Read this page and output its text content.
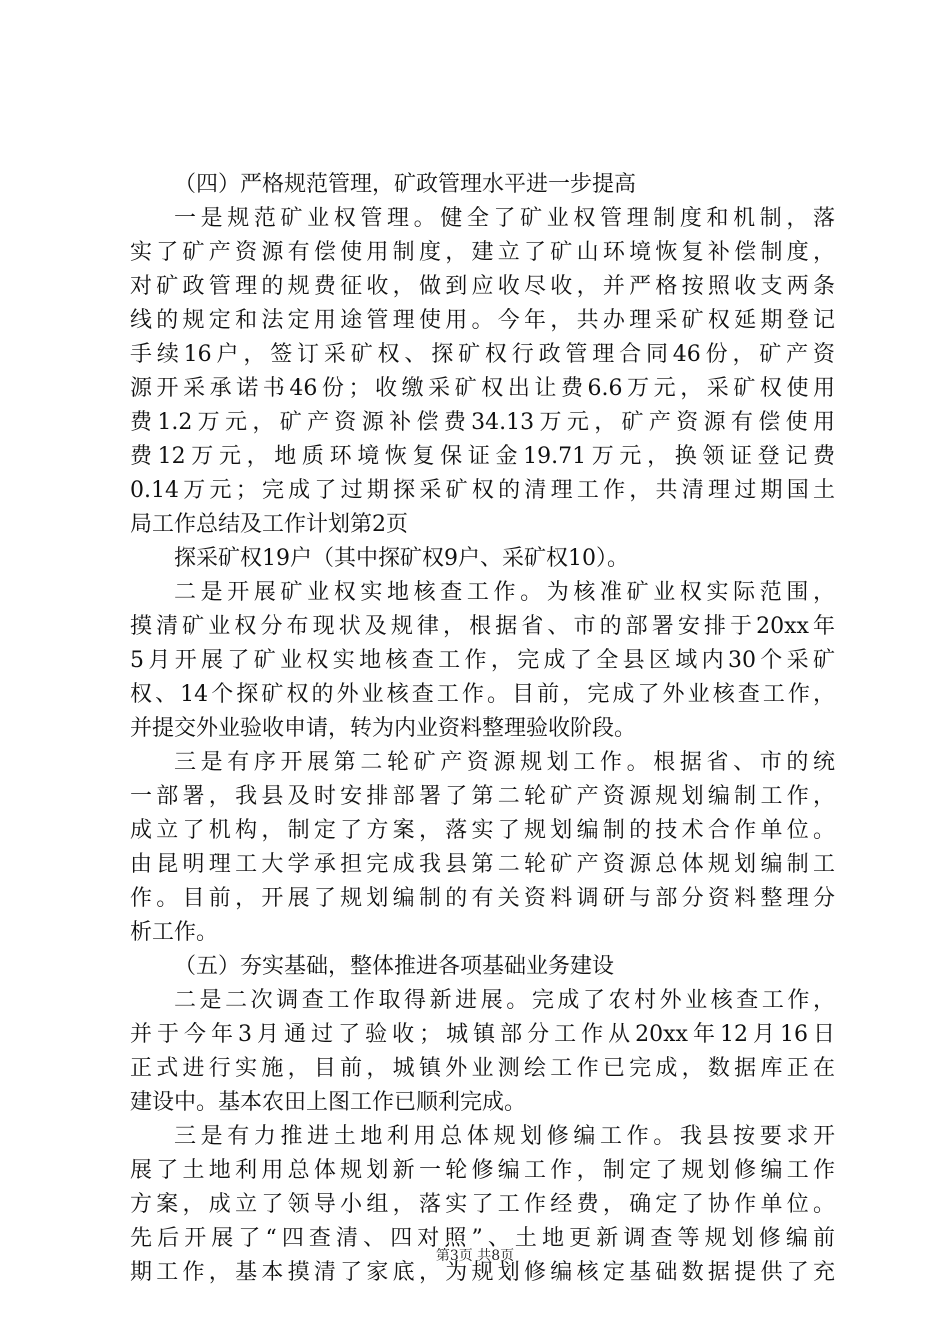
（四）严格规范管理，矿政管理水平进一步提高
一是规范矿业权管理。健全了矿业权管理制度和机制，落
实了矿产资源有偿使用制度，建立了矿山环境恢复补偿制度，
对矿政管理的规费征收，做到应收尽收，并严格按照收支两条
线的规定和法定用途管理使用。今年，共办理采矿权延期登记
手续16户，签订采矿权、探矿权行政管理合同46份，矿产资
源开采承诺书46份；收缴采矿权出让费6.6万元，采矿权使用
费1.2万元，矿产资源补偿费34.13万元，矿产资源有偿使用
费12万元，地质环境恢复保证金19.71万元，换领证登记费
0.14万元；完成了过期探采矿权的清理工作，共清理过期国土
局工作总结及工作计划第2页
探采矿权19户（其中探矿权9户、采矿权10）。
二是开展矿业权实地核查工作。为核准矿业权实际范围，
摸清矿业权分布现状及规律，根据省、市的部署安排于20xx年
5月开展了矿业权实地核查工作，完成了全县区域内30个采矿
权、14个探矿权的外业核查工作。目前，完成了外业核查工作，
并提交外业验收申请，转为内业资料整理验收阶段。
三是有序开展第二轮矿产资源规划工作。根据省、市的统
一部署，我县及时安排部署了第二轮矿产资源规划编制工作，
成立了机构，制定了方案，落实了规划编制的技术合作单位。
由昆明理工大学承担完成我县第二轮矿产资源总体规划编制工
作。目前，开展了规划编制的有关资料调研与部分资料整理分
析工作。
（五）夯实基础，整体推进各项基础业务建设
二是二次调查工作取得新进展。完成了农村外业核查工作，
并于今年3月通过了验收；城镇部分工作从20xx年12月16日
正式进行实施，目前，城镇外业测绘工作已完成，数据库正在
建设中。基本农田上图工作已顺利完成。
三是有力推进土地利用总体规划修编工作。我县按要求开
展了土地利用总体规划新一轮修编工作，制定了规划修编工作
方案，成立了领导小组，落实了工作经费，确定了协作单位。
先后开展了“四查清、四对照”、土地更新调查等规划修编前
期工作，基本摸清了家底，为规划修编核定基础数据提供了充
第3页 共8页
